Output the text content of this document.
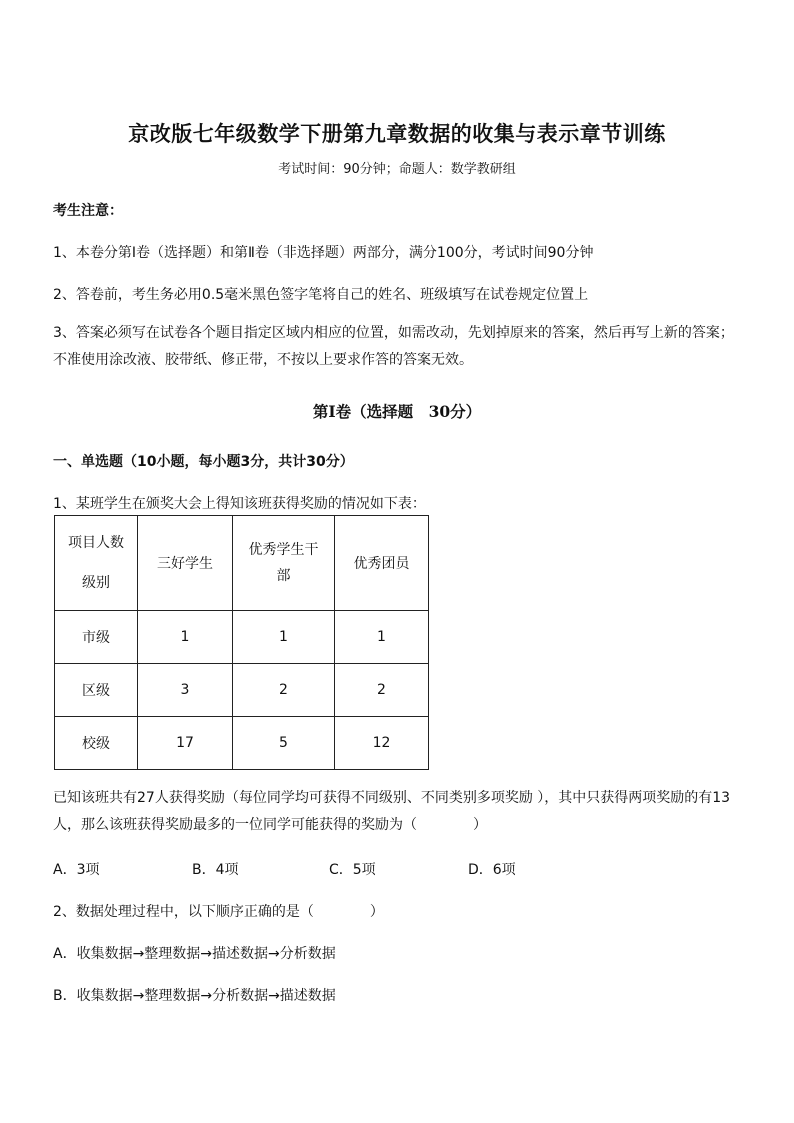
京改版七年级数学下册第九章数据的收集与表示章节训练
考试时间：90分钟；命题人：数学教研组
考生注意：
1、本卷分第Ⅰ卷（选择题）和第Ⅱ卷（非选择题）两部分，满分100分，考试时间90分钟
2、答卷前，考生务必用0.5毫米黑色签字笔将自己的姓名、班级填写在试卷规定位置上
3、答案必须写在试卷各个题目指定区域内相应的位置，如需改动，先划掉原来的答案，然后再写上新的答案；不准使用涂改液、胶带纸、修正带，不按以上要求作答的答案无效。
第Ⅰ卷（选择题　30分）
一、单选题（10小题，每小题3分，共计30分）
1、某班学生在颁奖大会上得知该班获得奖励的情况如下表：
项目人数
级别	三好学生	优秀学生干部	优秀团员
市级	1	1	1
区级	3	2	2
校级	17	5	12
已知该班共有27人获得奖励（每位同学均可获得不同级别、不同类别多项奖励 ），其中只获得两项奖励的有13人，那么该班获得奖励最多的一位同学可能获得的奖励为（　　　　）
A．3项	B．4项	C．5项	D．6项
2、数据处理过程中，以下顺序正确的是（　　　　）
A．收集数据→整理数据→描述数据→分析数据
B．收集数据→整理数据→分析数据→描述数据
